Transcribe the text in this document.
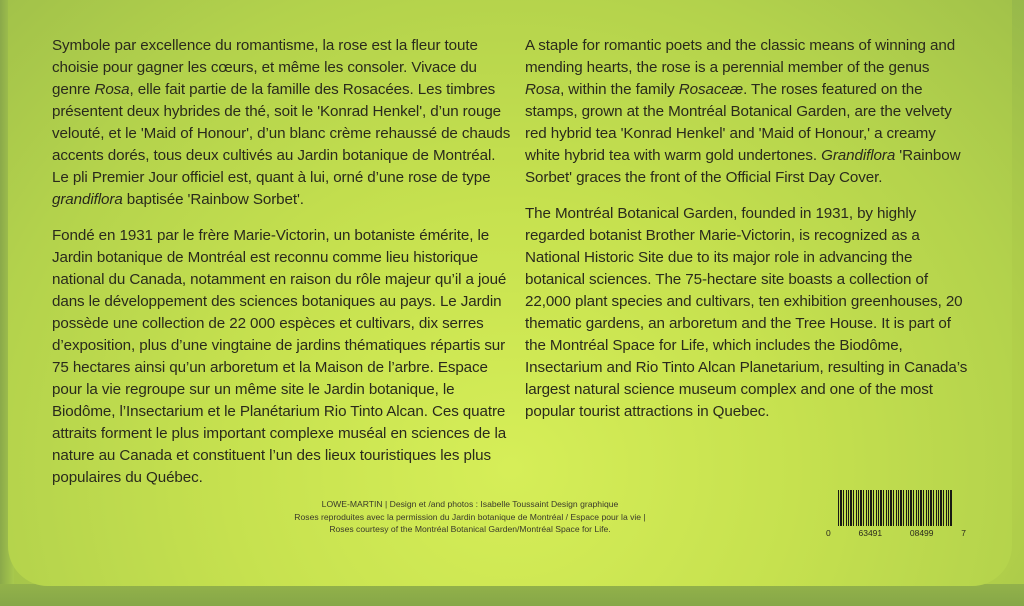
Symbole par excellence du romantisme, la rose est la fleur toute choisie pour gagner les cœurs, et même les consoler. Vivace du genre Rosa, elle fait partie de la famille des Rosacées. Les timbres présentent deux hybrides de thé, soit le 'Konrad Henkel', d’un rouge velouté, et le 'Maid of Honour', d’un blanc crème rehaussé de chauds accents dorés, tous deux cultivés au Jardin botanique de Montréal. Le pli Premier Jour officiel est, quant à lui, orné d’une rose de type grandiflora baptisée 'Rainbow Sorbet'.

Fondé en 1931 par le frère Marie-Victorin, un botaniste émérite, le Jardin botanique de Montréal est reconnu comme lieu historique national du Canada, notamment en raison du rôle majeur qu’il a joué dans le développement des sciences botaniques au pays. Le Jardin possède une collection de 22 000 espèces et cultivars, dix serres d’exposition, plus d’une vingtaine de jardins thématiques répartis sur 75 hectares ainsi qu’un arboretum et la Maison de l’arbre. Espace pour la vie regroupe sur un même site le Jardin botanique, le Biodôme, l’Insectarium et le Planétarium Rio Tinto Alcan. Ces quatre attraits forment le plus important complexe muséal en sciences de la nature au Canada et constituent l’un des lieux touristiques les plus populaires du Québec.

A staple for romantic poets and the classic means of winning and mending hearts, the rose is a perennial member of the genus Rosa, within the family Rosaceæ. The roses featured on the stamps, grown at the Montréal Botanical Garden, are the velvety red hybrid tea 'Konrad Henkel' and 'Maid of Honour,' a creamy white hybrid tea with warm gold undertones. Grandiflora 'Rainbow Sorbet' graces the front of the Official First Day Cover.

The Montréal Botanical Garden, founded in 1931, by highly regarded botanist Brother Marie-Victorin, is recognized as a National Historic Site due to its major role in advancing the botanical sciences. The 75-hectare site boasts a collection of 22,000 plant species and cultivars, ten exhibition greenhouses, 20 thematic gardens, an arboretum and the Tree House. It is part of the Montréal Space for Life, which includes the Biodôme, Insectarium and Rio Tinto Alcan Planetarium, resulting in Canada’s largest natural science museum complex and one of the most popular tourist attractions in Quebec.

LOWE-MARTIN | Design et /and photos : Isabelle Toussaint Design graphique
Roses reproduites avec la permission du Jardin botanique de Montréal / Espace pour la vie |
Roses courtesy of the Montréal Botanical Garden/Montréal Space for Life.	0	63491	08499	7
